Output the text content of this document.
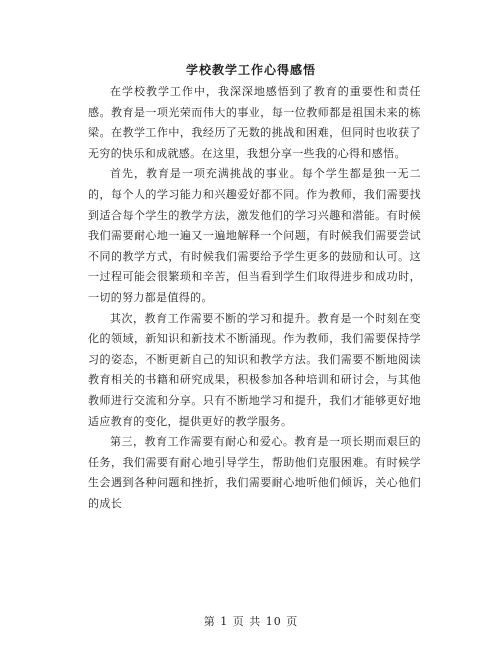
学校教学工作心得感悟

在学校教学工作中，我深深地感悟到了教育的重要性和责任感。教育是一项光荣而伟大的事业，每一位教师都是祖国未来的栋梁。在教学工作中，我经历了无数的挑战和困难，但同时也收获了无穷的快乐和成就感。在这里，我想分享一些我的心得和感悟。

首先，教育是一项充满挑战的事业。每个学生都是独一无二的，每个人的学习能力和兴趣爱好都不同。作为教师，我们需要找到适合每个学生的教学方法，激发他们的学习兴趣和潜能。有时候我们需要耐心地一遍又一遍地解释一个问题，有时候我们需要尝试不同的教学方式，有时候我们需要给予学生更多的鼓励和认可。这一过程可能会很繁琐和辛苦，但当看到学生们取得进步和成功时，一切的努力都是值得的。

其次，教育工作需要不断的学习和提升。教育是一个时刻在变化的领域，新知识和新技术不断涌现。作为教师，我们需要保持学习的姿态，不断更新自己的知识和教学方法。我们需要不断地阅读教育相关的书籍和研究成果，积极参加各种培训和研讨会，与其他教师进行交流和分享。只有不断地学习和提升，我们才能够更好地适应教育的变化，提供更好的教学服务。

第三，教育工作需要有耐心和爱心。教育是一项长期而艰巨的任务，我们需要有耐心地引导学生，帮助他们克服困难。有时候学生会遇到各种问题和挫折，我们需要耐心地听他们倾诉，关心他们的成长

第 1 页 共 10 页
